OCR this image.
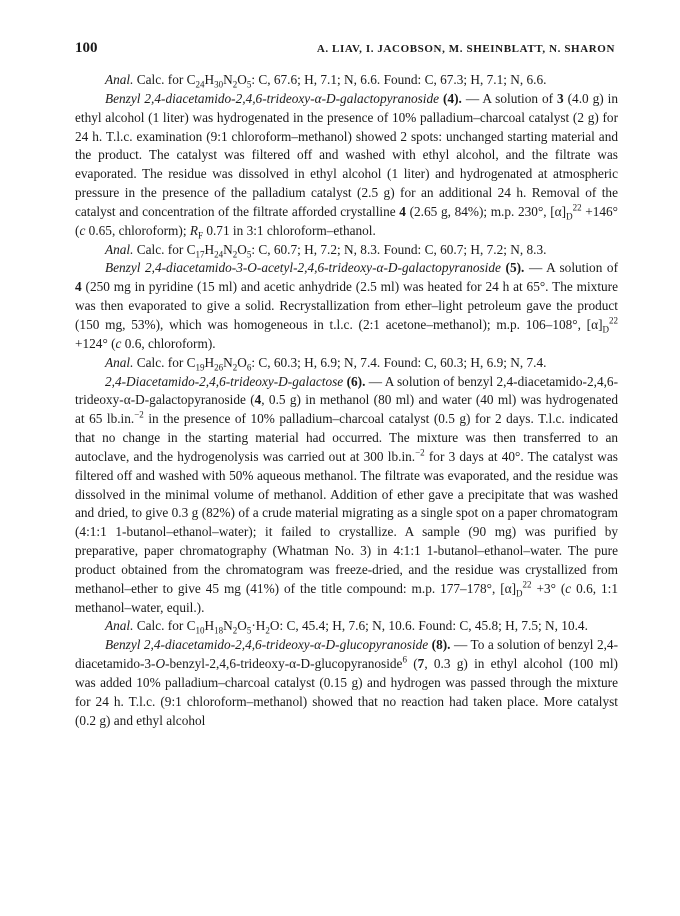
100	A. LIAV, I. JACOBSON, M. SHEINBLATT, N. SHARON

Anal. Calc. for $C_{24}H_{30}N_2O_5$: C, 67.6; H, 7.1; N, 6.6. Found: C, 67.3; H, 7.1; N, 6.6.

Benzyl 2,4-diacetamido-2,4,6-trideoxy-α-D-galactopyranoside (4). — A solution of 3 (4.0 g) in ethyl alcohol (1 liter) was hydrogenated in the presence of 10% palladium–charcoal catalyst (2 g) for 24 h. T.l.c. examination (9:1 chloroform–methanol) showed 2 spots: unchanged starting material and the product. The catalyst was filtered off and washed with ethyl alcohol, and the filtrate was evaporated. The residue was dissolved in ethyl alcohol (1 liter) and hydrogenated at atmospheric pressure in the presence of the palladium catalyst (2.5 g) for an additional 24 h. Removal of the catalyst and concentration of the filtrate afforded crystalline 4 (2.65 g, 84%); m.p. 230°, $[\alpha]_D^{22} +146^\circ$ (c 0.65, chloroform); $R_F$ 0.71 in 3:1 chloroform–ethanol.

Anal. Calc. for $C_{17}H_{24}N_2O_5$: C, 60.7; H, 7.2; N, 8.3. Found: C, 60.7; H, 7.2; N, 8.3.

Benzyl 2,4-diacetamido-3-O-acetyl-2,4,6-trideoxy-α-D-galactopyranoside (5). — A solution of 4 (250 mg in pyridine (15 ml) and acetic anhydride (2.5 ml) was heated for 24 h at 65°. The mixture was then evaporated to give a solid. Recrystallization from ether–light petroleum gave the product (150 mg, 53%), which was homogeneous in t.l.c. (2:1 acetone–methanol); m.p. 106–108°, $[\alpha]_D^{22} +124^\circ$ (c 0.6, chloroform).

Anal. Calc. for $C_{19}H_{26}N_2O_6$: C, 60.3; H, 6.9; N, 7.4. Found: C, 60.3; H, 6.9; N, 7.4.

2,4-Diacetamido-2,4,6-trideoxy-D-galactose (6). — A solution of benzyl 2,4-diacetamido-2,4,6-trideoxy-α-D-galactopyranoside (4, 0.5 g) in methanol (80 ml) and water (40 ml) was hydrogenated at 65 lb.in.$^{-2}$ in the presence of 10% palladium–charcoal catalyst (0.5 g) for 2 days. T.l.c. indicated that no change in the starting material had occurred. The mixture was then transferred to an autoclave, and the hydrogenolysis was carried out at 300 lb.in.$^{-2}$ for 3 days at 40°. The catalyst was filtered off and washed with 50% aqueous methanol. The filtrate was evaporated, and the residue was dissolved in the minimal volume of methanol. Addition of ether gave a precipitate that was washed and dried, to give 0.3 g (82%) of a crude material migrating as a single spot on a paper chromatogram (4:1:1 1-butanol–ethanol–water); it failed to crystallize. A sample (90 mg) was purified by preparative, paper chromatography (Whatman No. 3) in 4:1:1 1-butanol–ethanol–water. The pure product obtained from the chromatogram was freeze-dried, and the residue was crystallized from methanol–ether to give 45 mg (41%) of the title compound: m.p. 177–178°, $[\alpha]_D^{22} +3^\circ$ (c 0.6, 1:1 methanol–water, equil.).

Anal. Calc. for $C_{10}H_{18}N_2O_5\cdot H_2O$: C, 45.4; H, 7.6; N, 10.6. Found: C, 45.8; H, 7.5; N, 10.4.

Benzyl 2,4-diacetamido-2,4,6-trideoxy-α-D-glucopyranoside (8). — To a solution of benzyl 2,4-diacetamido-3-O-benzyl-2,4,6-trideoxy-α-D-glucopyranoside$^6$ (7, 0.3 g) in ethyl alcohol (100 ml) was added 10% palladium–charcoal catalyst (0.15 g) and hydrogen was passed through the mixture for 24 h. T.l.c. (9:1 chloroform–methanol) showed that no reaction had taken place. More catalyst (0.2 g) and ethyl alcohol
